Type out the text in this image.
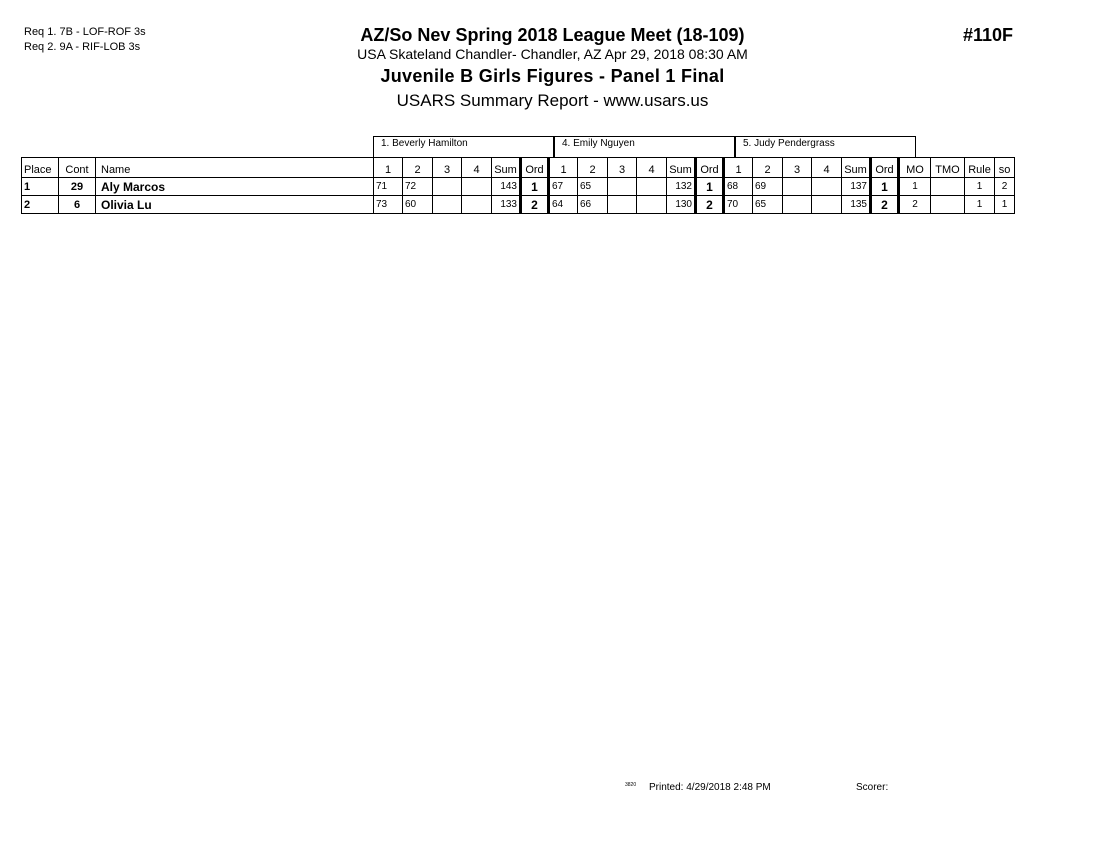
Req 1. 7B - LOF-ROF 3s
Req 2. 9A - RIF-LOB 3s
AZ/So Nev Spring 2018 League Meet (18-109)
USA Skateland Chandler- Chandler, AZ Apr 29, 2018 08:30 AM
Juvenile B Girls Figures - Panel 1 Final
USARS Summary Report - www.usars.us
#110F
1. Beverly Hamilton	4. Emily Nguyen	5. Judy Pendergrass
Place	Cont	Name	1	2	3	4	Sum	Ord	1	2	3	4	Sum	Ord	1	2	3	4	Sum	Ord	MO	TMO	Rule	so
1	29	Aly Marcos	71	72			143	1	67	65			132	1	68	69			137	1	1		1	2
2	6	Olivia Lu	73	60			133	2	64	66			130	2	70	65			135	2	2		1	1
3820 Printed: 4/29/2018 2:48 PM	Scorer:
